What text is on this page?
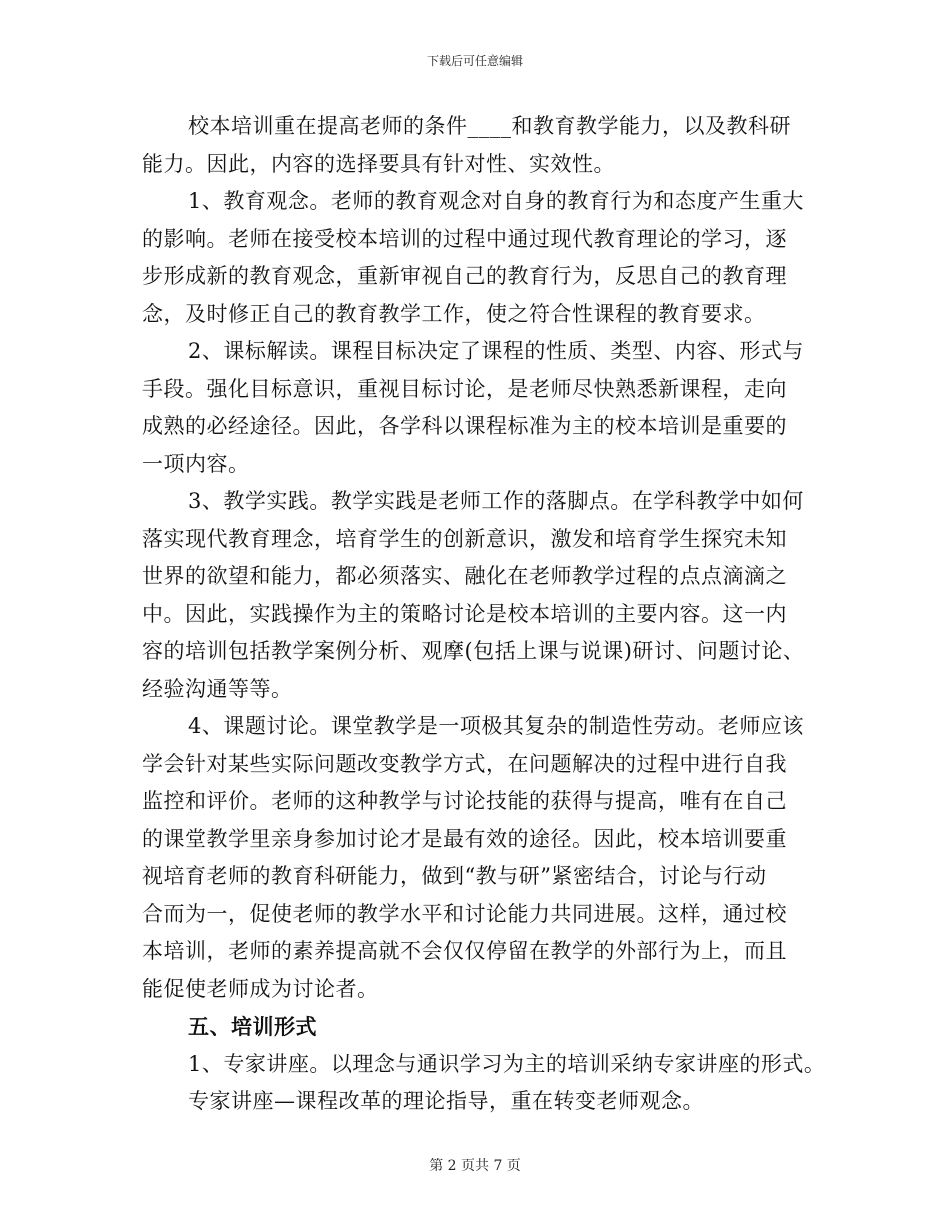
下载后可任意编辑
校本培训重在提高老师的条件____和教育教学能力，以及教科研
能力。因此，内容的选择要具有针对性、实效性。
1、教育观念。老师的教育观念对自身的教育行为和态度产生重大
的影响。老师在接受校本培训的过程中通过现代教育理论的学习，逐
步形成新的教育观念，重新审视自己的教育行为，反思自己的教育理
念，及时修正自己的教育教学工作，使之符合性课程的教育要求。
2、课标解读。课程目标决定了课程的性质、类型、内容、形式与
手段。强化目标意识，重视目标讨论，是老师尽快熟悉新课程，走向
成熟的必经途径。因此，各学科以课程标准为主的校本培训是重要的
一项内容。
3、教学实践。教学实践是老师工作的落脚点。在学科教学中如何
落实现代教育理念，培育学生的创新意识，激发和培育学生探究未知
世界的欲望和能力，都必须落实、融化在老师教学过程的点点滴滴之
中。因此，实践操作为主的策略讨论是校本培训的主要内容。这一内
容的培训包括教学案例分析、观摩(包括上课与说课)研讨、问题讨论、
经验沟通等等。
4、课题讨论。课堂教学是一项极其复杂的制造性劳动。老师应该
学会针对某些实际问题改变教学方式，在问题解决的过程中进行自我
监控和评价。老师的这种教学与讨论技能的获得与提高，唯有在自己
的课堂教学里亲身参加讨论才是最有效的途径。因此，校本培训要重
视培育老师的教育科研能力，做到“教与研”紧密结合，讨论与行动
合而为一，促使老师的教学水平和讨论能力共同进展。这样，通过校
本培训，老师的素养提高就不会仅仅停留在教学的外部行为上，而且
能促使老师成为讨论者。
五、培训形式
1、专家讲座。以理念与通识学习为主的培训采纳专家讲座的形式。
专家讲座—课程改革的理论指导，重在转变老师观念。
第 2 页共 7 页
